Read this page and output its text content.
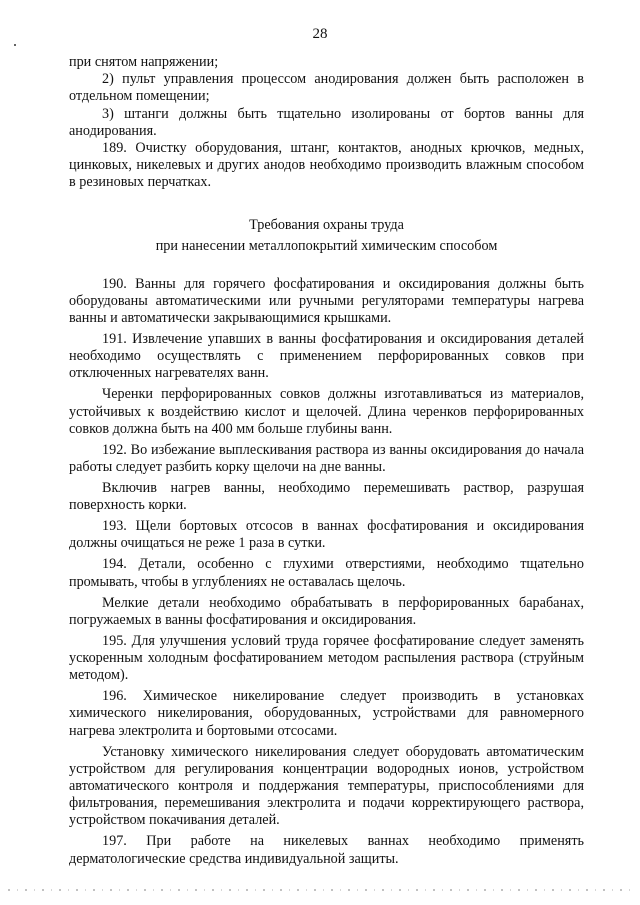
28

при снятом напряжении;

2) пульт управления процессом анодирования должен быть расположен в отдельном помещении;

3) штанги должны быть тщательно изолированы от бортов ванны для анодирования.

189. Очистку оборудования, штанг, контактов, анодных крючков, медных, цинковых, никелевых и других анодов необходимо производить влажным способом в резиновых перчатках.

Требования охраны труда
при нанесении металлопокрытий химическим способом

190. Ванны для горячего фосфатирования и оксидирования должны быть оборудованы автоматическими или ручными регуляторами температуры нагрева ванны и автоматически закрывающимися крышками.

191. Извлечение упавших в ванны фосфатирования и оксидирования деталей необходимо осуществлять с применением перфорированных совков при отключенных нагревателях ванн.

Черенки перфорированных совков должны изготавливаться из материалов, устойчивых к воздействию кислот и щелочей. Длина черенков перфорированных совков должна быть на 400 мм больше глубины ванн.

192. Во избежание выплескивания раствора из ванны оксидирования до начала работы следует разбить корку щелочи на дне ванны.

Включив нагрев ванны, необходимо перемешивать раствор, разрушая поверхность корки.

193. Щели бортовых отсосов в ваннах фосфатирования и оксидирования должны очищаться не реже 1 раза в сутки.

194. Детали, особенно с глухими отверстиями, необходимо тщательно промывать, чтобы в углублениях не оставалась щелочь.

Мелкие детали необходимо обрабатывать в перфорированных барабанах, погружаемых в ванны фосфатирования и оксидирования.

195. Для улучшения условий труда горячее фосфатирование следует заменять ускоренным холодным фосфатированием методом распыления раствора (струйным методом).

196. Химическое никелирование следует производить в установках химического никелирования, оборудованных, устройствами для равномерного нагрева электролита и бортовыми отсосами.

Установку химического никелирования следует оборудовать автоматическим устройством для регулирования концентрации водородных ионов, устройством автоматического контроля и поддержания температуры, приспособлениями для фильтрования, перемешивания электролита и подачи корректирующего раствора, устройством покачивания деталей.

197. При работе на никелевых ваннах необходимо применять дерматологические средства индивидуальной защиты.
